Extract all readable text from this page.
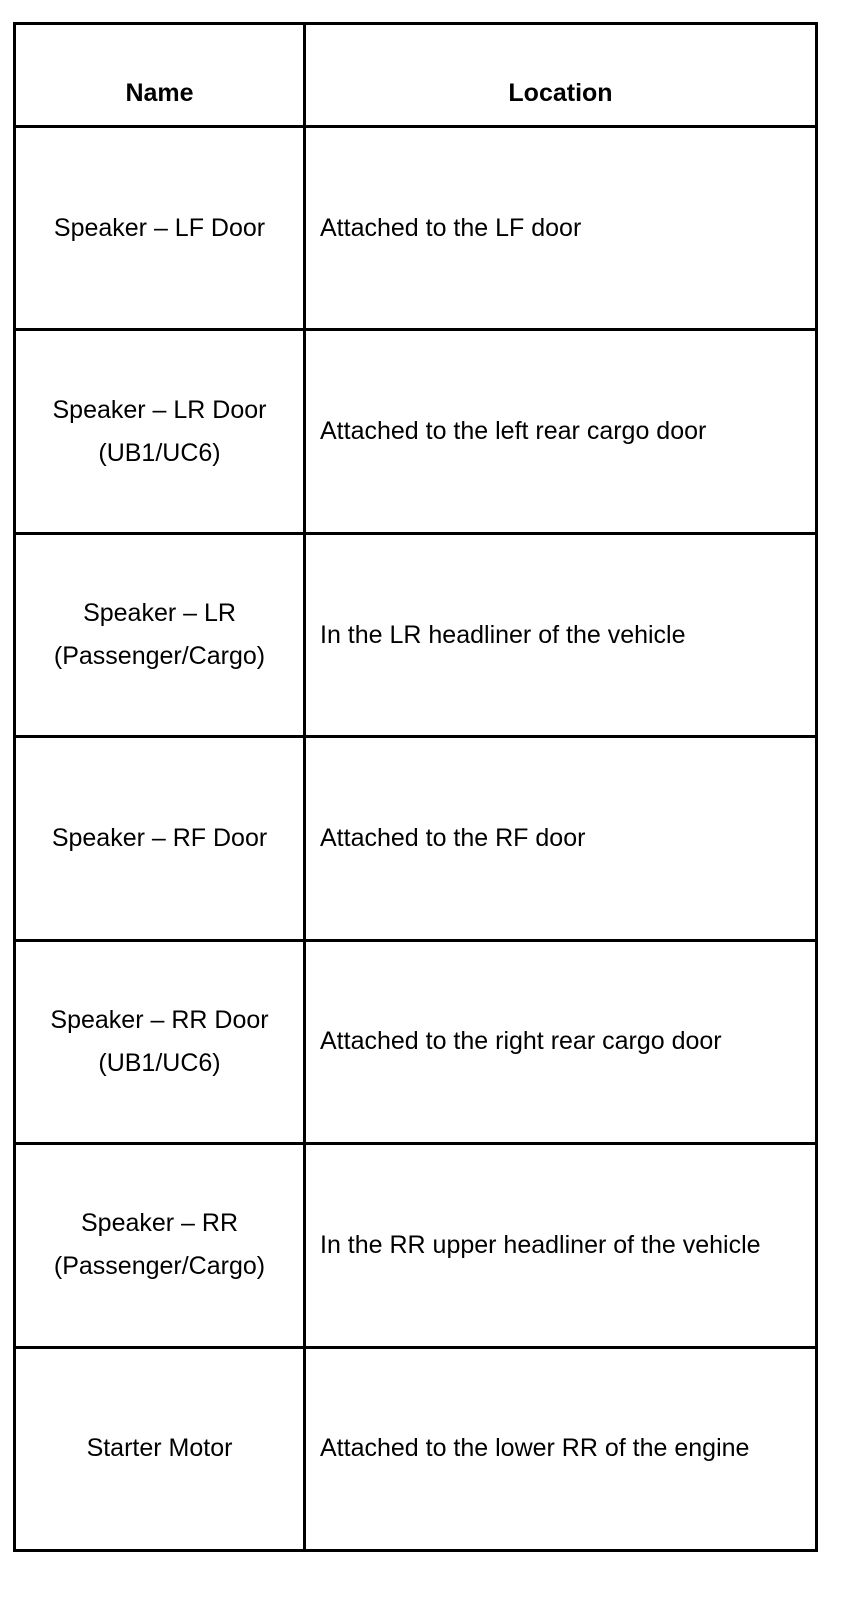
Name	Location

Speaker – LF Door	Attached to the LF door

Speaker – LR Door
(UB1/UC6)	Attached to the left rear cargo door

Speaker – LR
(Passenger/Cargo)	In the LR headliner of the vehicle

Speaker – RF Door	Attached to the RF door

Speaker – RR Door
(UB1/UC6)	Attached to the right rear cargo door

Speaker – RR
(Passenger/Cargo)	In the RR upper headliner of the vehicle

Starter Motor	Attached to the lower RR of the engine
